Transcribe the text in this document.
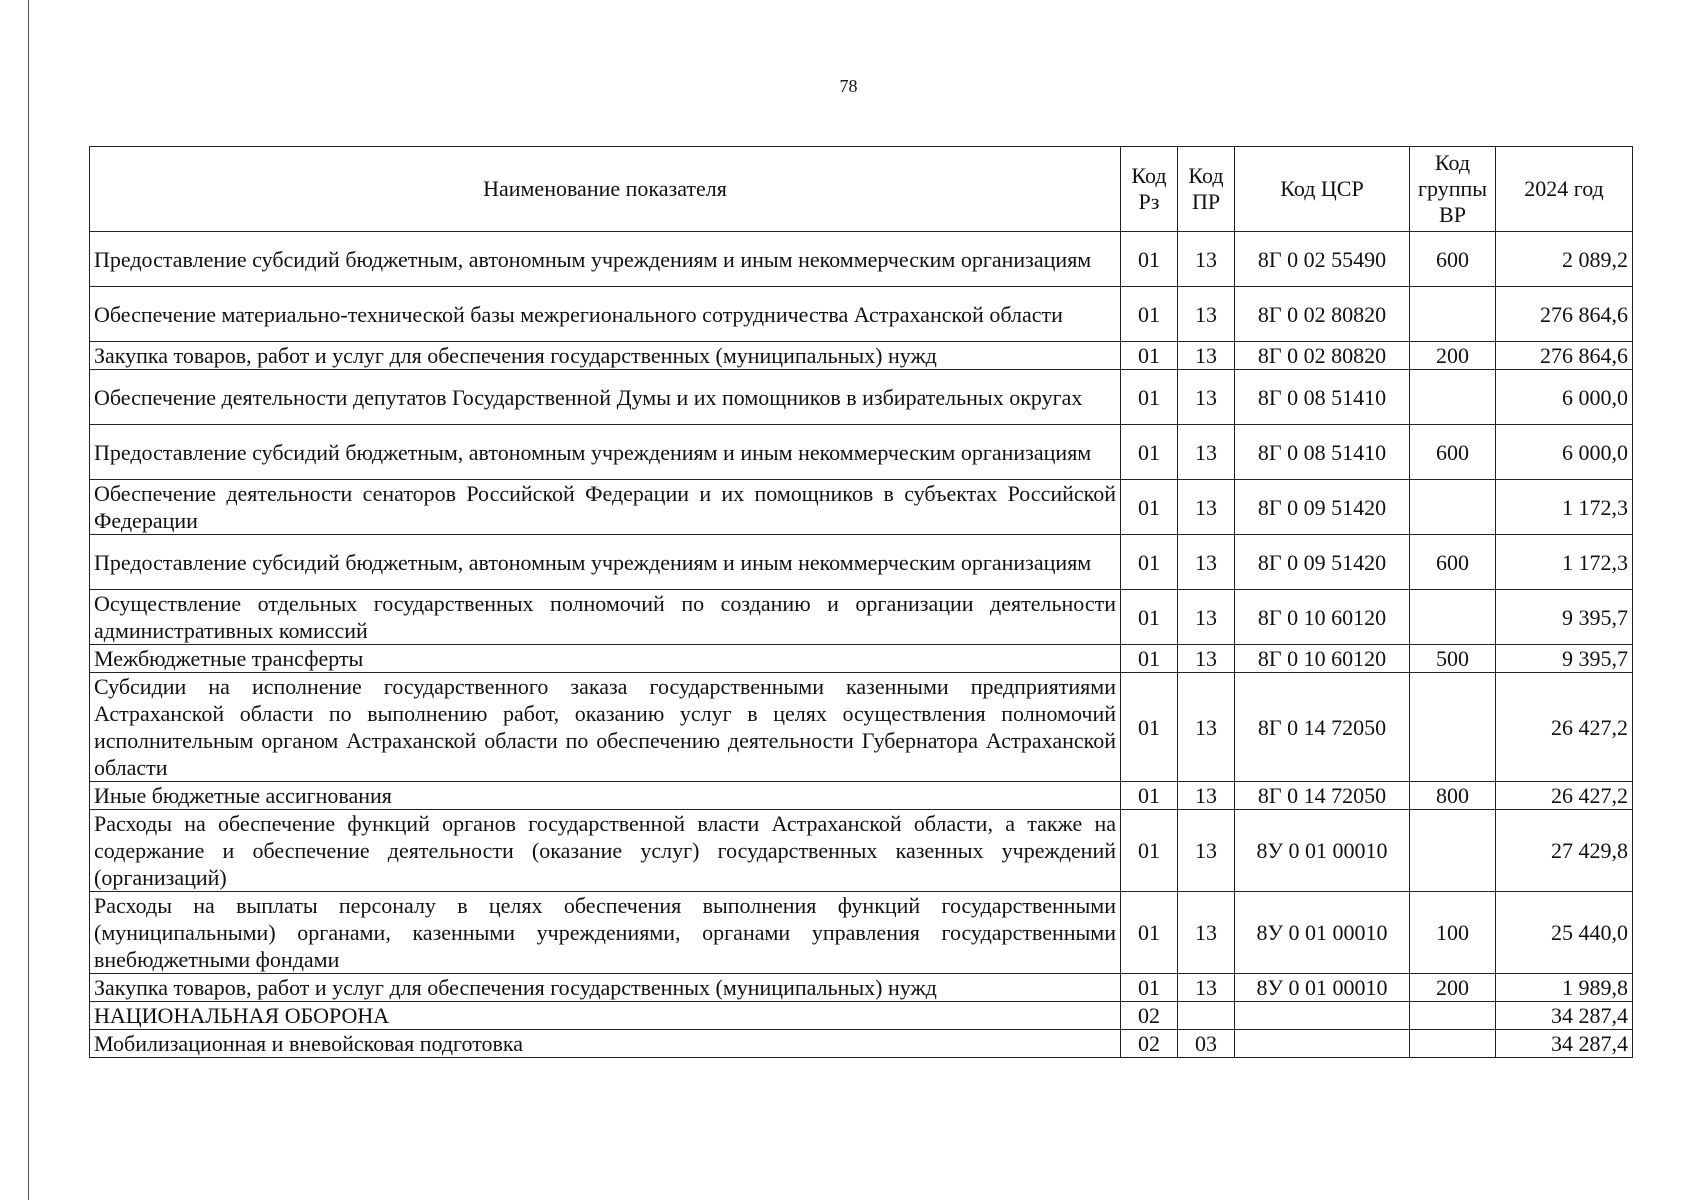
78
Наименование показателя	Код Рз	Код ПР	Код ЦСР	Код группы ВР	2024 год
Предоставление субсидий бюджетным, автономным учреждениям и иным некоммерческим организациям	01	13	8Г 0 02 55490	600	2 089,2
Обеспечение материально-технической базы межрегионального сотрудничества Астраханской области	01	13	8Г 0 02 80820		276 864,6
Закупка товаров, работ и услуг для обеспечения государственных (муниципальных) нужд	01	13	8Г 0 02 80820	200	276 864,6
Обеспечение деятельности депутатов Государственной Думы и их помощников в избирательных округах	01	13	8Г 0 08 51410		6 000,0
Предоставление субсидий бюджетным, автономным учреждениям и иным некоммерческим организациям	01	13	8Г 0 08 51410	600	6 000,0
Обеспечение деятельности сенаторов Российской Федерации и их помощников в субъектах Российской Федерации	01	13	8Г 0 09 51420		1 172,3
Предоставление субсидий бюджетным, автономным учреждениям и иным некоммерческим организациям	01	13	8Г 0 09 51420	600	1 172,3
Осуществление отдельных государственных полномочий по созданию и организации деятельности административных комиссий	01	13	8Г 0 10 60120		9 395,7
Межбюджетные трансферты	01	13	8Г 0 10 60120	500	9 395,7
Субсидии на исполнение государственного заказа государственными казенными предприятиями Астраханской области по выполнению работ, оказанию услуг в целях осуществления полномочий исполнительным органом Астраханской области по обеспечению деятельности Губернатора Астраханской области	01	13	8Г 0 14 72050		26 427,2
Иные бюджетные ассигнования	01	13	8Г 0 14 72050	800	26 427,2
Расходы на обеспечение функций органов государственной власти Астраханской области, а также на содержание и обеспечение деятельности (оказание услуг) государственных казенных учреждений (организаций)	01	13	8У 0 01 00010		27 429,8
Расходы на выплаты персоналу в целях обеспечения выполнения функций государственными (муниципальными) органами, казенными учреждениями, органами управления государственными внебюджетными фондами	01	13	8У 0 01 00010	100	25 440,0
Закупка товаров, работ и услуг для обеспечения государственных (муниципальных) нужд	01	13	8У 0 01 00010	200	1 989,8
НАЦИОНАЛЬНАЯ ОБОРОНА	02				34 287,4
Мобилизационная и вневойсковая подготовка	02	03			34 287,4
